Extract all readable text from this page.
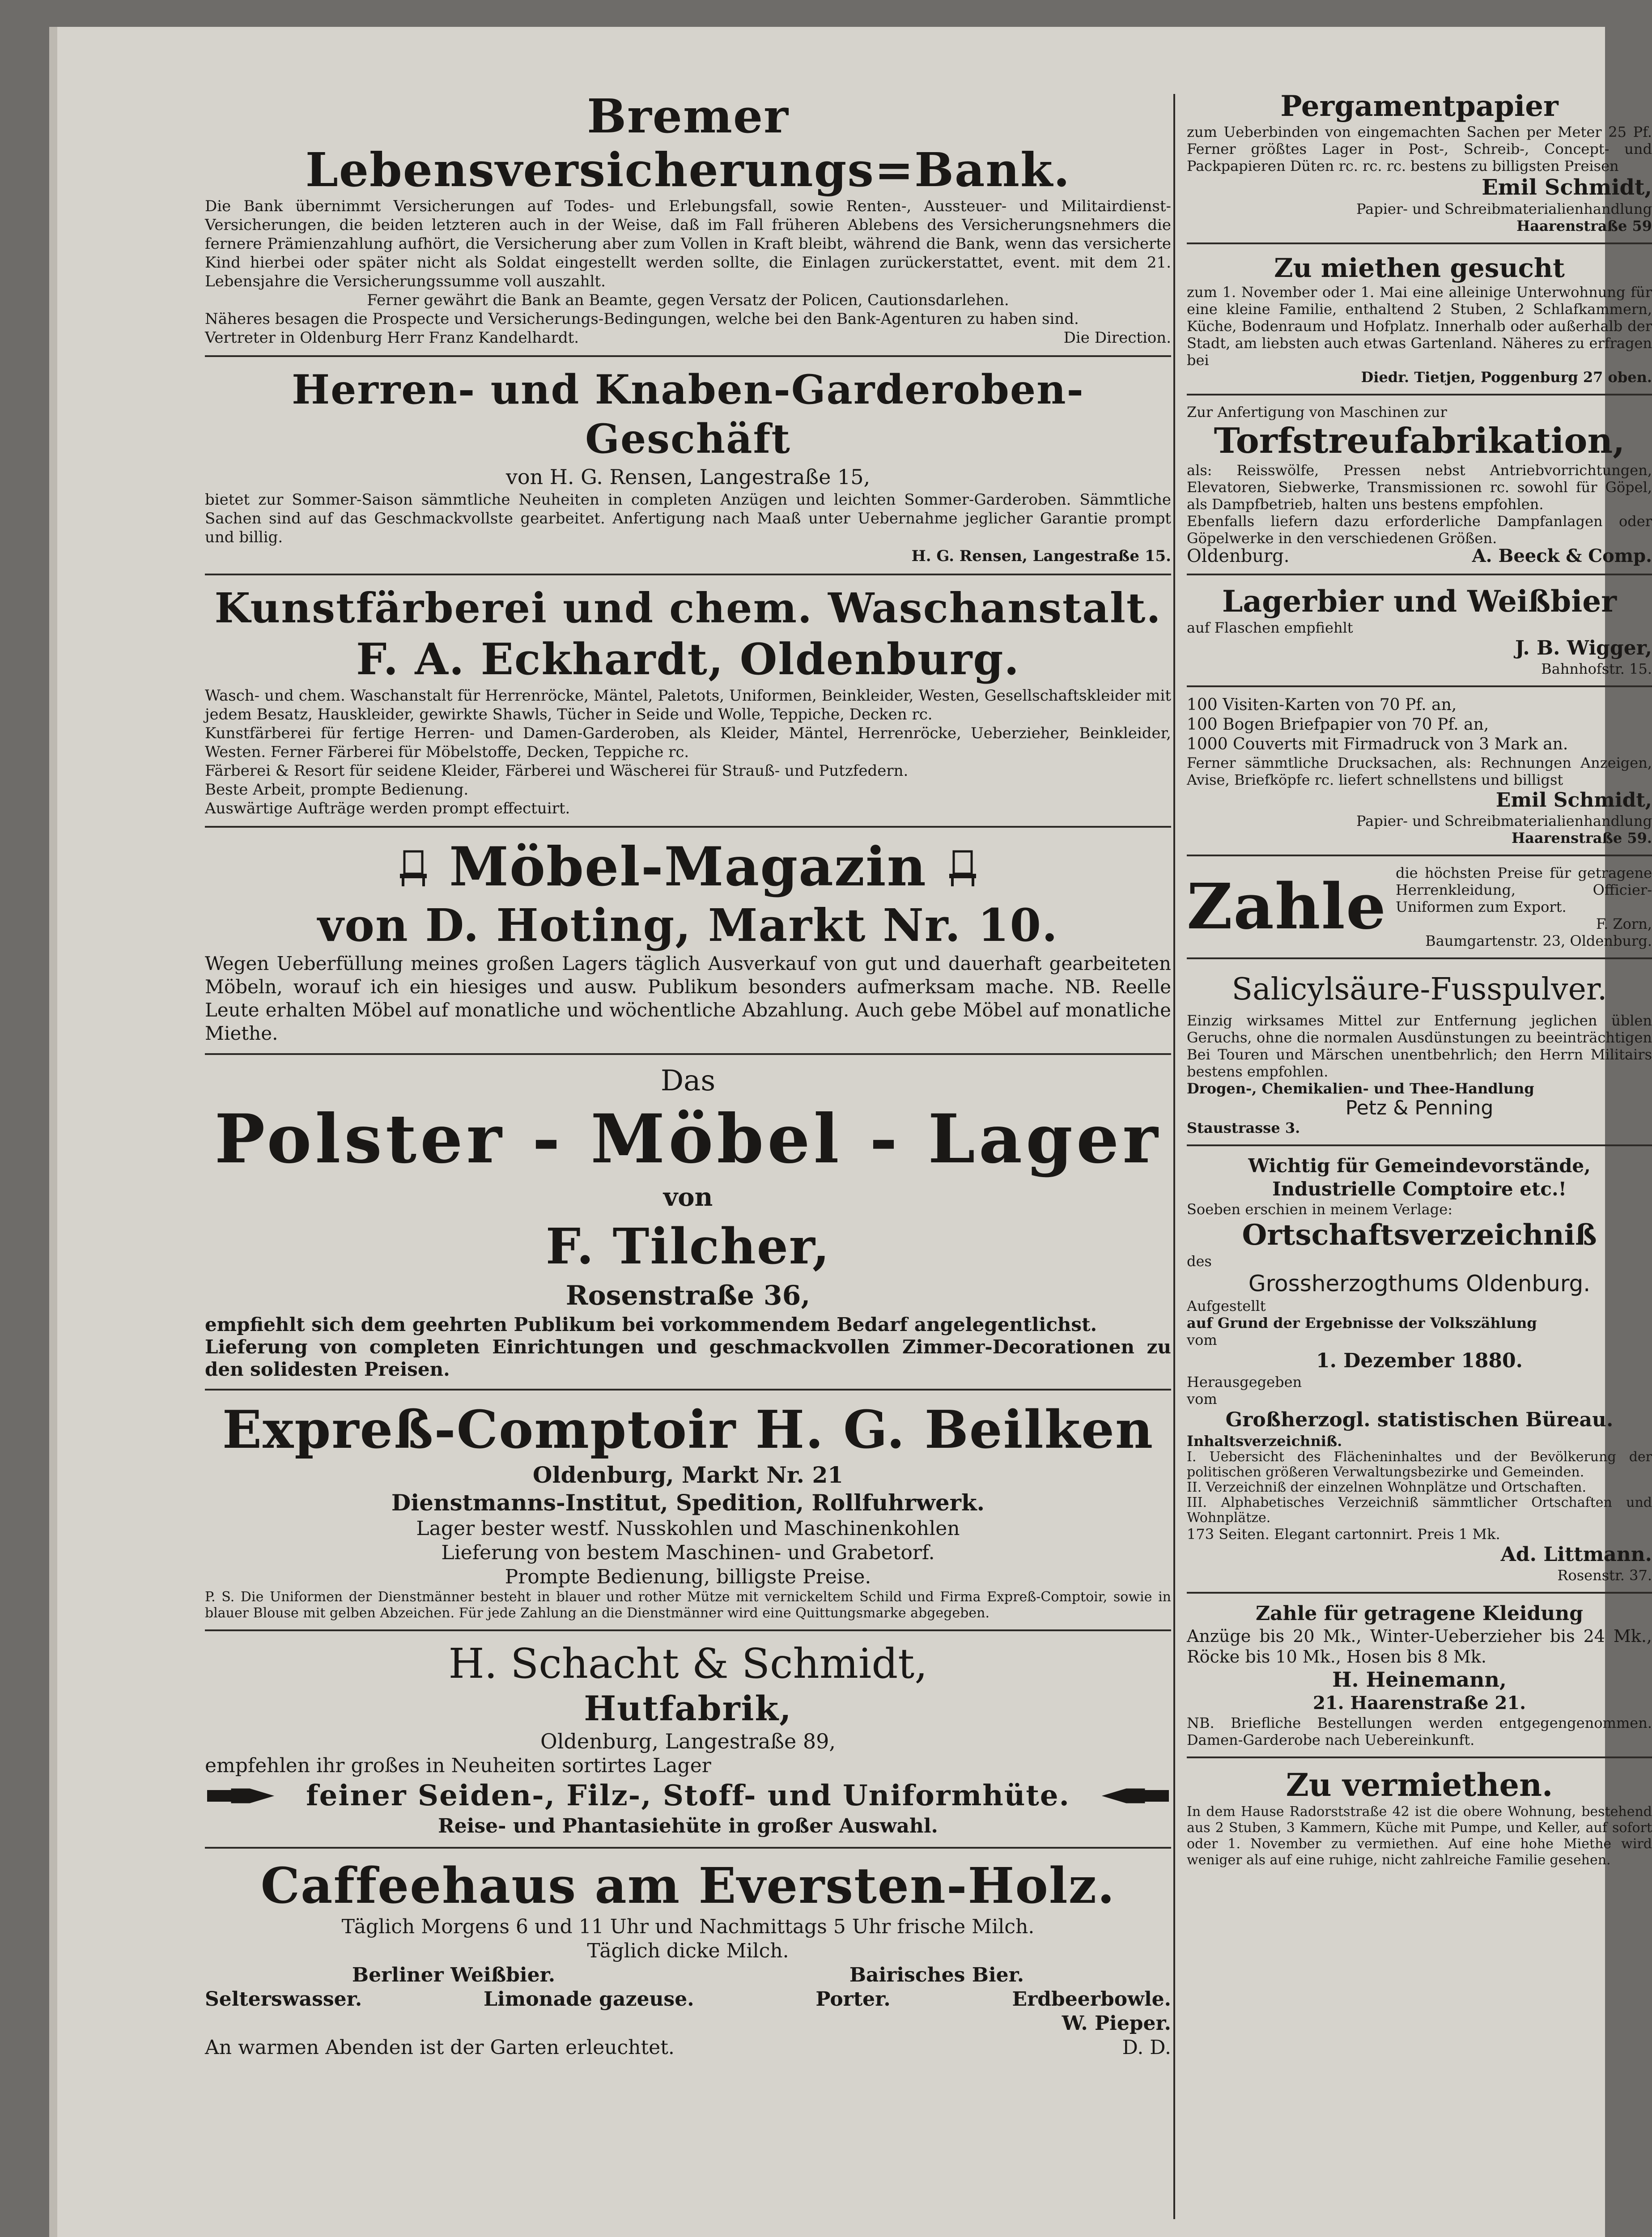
Bremer Lebensversicherungs=Bank.

Die Bank übernimmt Versicherungen auf Todes- und Erlebungsfall, sowie Renten-, Aussteuer- und Militairdienst-Versicherungen, die beiden letzteren auch in der Weise, daß im Fall früheren Ablebens des Versicherungsnehmers die fernere Prämienzahlung aufhört, die Versicherung aber zum Vollen in Kraft bleibt, während die Bank, wenn das versicherte Kind hierbei oder später nicht als Soldat eingestellt werden sollte, die Einlagen zurückerstattet, event. mit dem 21. Lebensjahre die Versicherungssumme voll auszahlt.

Ferner gewährt die Bank an Beamte, gegen Versatz der Policen, Cautionsdarlehen.

Näheres besagen die Prospecte und Versicherungs-Bedingungen, welche bei den Bank-Agenturen zu haben sind.

Vertreter in Oldenburg Herr Franz Kandelhardt.	Die Direction.
Herren- und Knaben-Garderoben-Geschäft
von H. G. Rensen, Langestraße 15,

bietet zur Sommer-Saison sämmtliche Neuheiten in completen Anzügen und leichten Sommer-Garderoben. Sämmtliche Sachen sind auf das Geschmackvollste gearbeitet. Anfertigung nach Maaß unter Uebernahme jeglicher Garantie prompt und billig.

H. G. Rensen, Langestraße 15.
Kunstfärberei und chem. Waschanstalt.
F. A. Eckhardt, Oldenburg.

Wasch- und chem. Waschanstalt für Herrenröcke, Mäntel, Paletots, Uniformen, Beinkleider, Westen, Gesellschaftskleider mit jedem Besatz, Hauskleider, gewirkte Shawls, Tücher in Seide und Wolle, Teppiche, Decken rc.

Kunstfärberei für fertige Herren- und Damen-Garderoben, als Kleider, Mäntel, Herrenröcke, Ueberzieher, Beinkleider, Westen. Ferner Färberei für Möbelstoffe, Decken, Teppiche rc.

Färberei & Resort für seidene Kleider, Färberei und Wäscherei für Strauß- und Putzfedern.

Beste Arbeit, prompte Bedienung.

Auswärtige Aufträge werden prompt effectuirt.

Möbel-Magazin
von D. Hoting, Markt Nr. 10.

Wegen Ueberfüllung meines großen Lagers täglich Ausverkauf von gut und dauerhaft gearbeiteten Möbeln, worauf ich ein hiesiges und ausw. Publikum besonders aufmerksam mache. NB. Reelle Leute erhalten Möbel auf monatliche und wöchentliche Abzahlung. Auch gebe Möbel auf monatliche Miethe.

Das
Polster - Möbel - Lager
von
F. Tilcher,
Rosenstraße 36,

empfiehlt sich dem geehrten Publikum bei vorkommendem Bedarf angelegentlichst.

Lieferung von completen Einrichtungen und geschmackvollen Zimmer-Decorationen zu den solidesten Preisen.

Expreß-Comptoir H. G. Beilken
Oldenburg, Markt Nr. 21
Dienstmanns-Institut, Spedition, Rollfuhrwerk.
Lager bester westf. Nusskohlen und Maschinenkohlen
Lieferung von bestem Maschinen- und Grabetorf.
Prompte Bedienung, billigste Preise.

P. S. Die Uniformen der Dienstmänner besteht in blauer und rother Mütze mit vernickeltem Schild und Firma Expreß-Comptoir, sowie in blauer Blouse mit gelben Abzeichen. Für jede Zahlung an die Dienstmänner wird eine Quittungsmarke abgegeben.

H. Schacht & Schmidt,
Hutfabrik,
Oldenburg, Langestraße 89,
empfehlen ihr großes in Neuheiten sortirtes Lager
feiner Seiden-, Filz-, Stoff- und Uniformhüte.
Reise- und Phantasiehüte in großer Auswahl.
Caffeehaus am Eversten-Holz.
Täglich Morgens 6 und 11 Uhr und Nachmittags 5 Uhr frische Milch.
Täglich dicke Milch.
Berliner Weißbier.	Bairisches Bier.
Selterswasser.	Limonade gazeuse.	Porter.	Erdbeerbowle.
W. Pieper.
An warmen Abenden ist der Garten erleuchtet.	D. D.
Pergamentpapier

zum Ueberbinden von eingemachten Sachen per Meter 25 Pf. Ferner größtes Lager in Post-, Schreib-, Concept- und Packpapieren Düten rc. rc. rc. bestens zu billigsten Preisen

Emil Schmidt,
Papier- und Schreibmaterialienhandlung
Haarenstraße 59
Zu miethen gesucht

zum 1. November oder 1. Mai eine alleinige Unterwohnung für eine kleine Familie, enthaltend 2 Stuben, 2 Schlafkammern, Küche, Bodenraum und Hofplatz. Innerhalb oder außerhalb der Stadt, am liebsten auch etwas Gartenland. Näheres zu erfragen bei

Diedr. Tietjen, Poggenburg 27 oben.
Zur Anfertigung von Maschinen zur
Torfstreufabrikation,

als: Reisswölfe, Pressen nebst Antriebvorrichtungen, Elevatoren, Siebwerke, Transmissionen rc. sowohl für Göpel, als Dampfbetrieb, halten uns bestens empfohlen.

Ebenfalls liefern dazu erforderliche Dampfanlagen oder Göpelwerke in den verschiedenen Größen.

Oldenburg.	A. Beeck & Comp.
Lagerbier und Weißbier
auf Flaschen empfiehlt
J. B. Wigger,
Bahnhofstr. 15.
100 Visiten-Karten von 70 Pf. an,
100 Bogen Briefpapier von 70 Pf. an,
1000 Couverts mit Firmadruck von 3 Mark an.

Ferner sämmtliche Drucksachen, als: Rechnungen Anzeigen, Avise, Briefköpfe rc. liefert schnellstens und billigst

Emil Schmidt,
Papier- und Schreibmaterialienhandlung
Haarenstraße 59.
Zahle die höchsten Preise für getragene Herrenkleidung, Officier-Uniformen zum Export.

F. Zorn,
Baumgartenstr. 23, Oldenburg.
Salicylsäure-Fusspulver.

Einzig wirksames Mittel zur Entfernung jeglichen üblen Geruchs, ohne die normalen Ausdünstungen zu beeinträchtigen Bei Touren und Märschen unentbehrlich; den Herrn Militairs bestens empfohlen.

Drogen-, Chemikalien- und Thee-Handlung
Petz & Penning
Staustrasse 3.
Wichtig für Gemeindevorstände, Industrielle Comptoire etc.!
Soeben erschien in meinem Verlage:
Ortschaftsverzeichniß
des
Grossherzogthums Oldenburg.
Aufgestellt
auf Grund der Ergebnisse der Volkszählung
vom
1. Dezember 1880.
Herausgegeben
vom
Großherzogl. statistischen Büreau.
Inhaltsverzeichniß.

I. Uebersicht des Flächeninhaltes und der Bevölkerung der politischen größeren Verwaltungsbezirke und Gemeinden.

II. Verzeichniß der einzelnen Wohnplätze und Ortschaften.

III. Alphabetisches Verzeichniß sämmtlicher Ortschaften und Wohnplätze.

173 Seiten. Elegant cartonnirt. Preis 1 Mk.
Ad. Littmann.
Rosenstr. 37.
Zahle für getragene Kleidung

Anzüge bis 20 Mk., Winter-Ueberzieher bis 24 Mk., Röcke bis 10 Mk., Hosen bis 8 Mk.

H. Heinemann,
21. Haarenstraße 21.

NB. Briefliche Bestellungen werden entgegengenommen. Damen-Garderobe nach Uebereinkunft.

Zu vermiethen.

In dem Hause Radorststraße 42 ist die obere Wohnung, bestehend aus 2 Stuben, 3 Kammern, Küche mit Pumpe, und Keller, auf sofort oder 1. November zu vermiethen. Auf eine hohe Miethe wird weniger als auf eine ruhige, nicht zahlreiche Familie gesehen.
